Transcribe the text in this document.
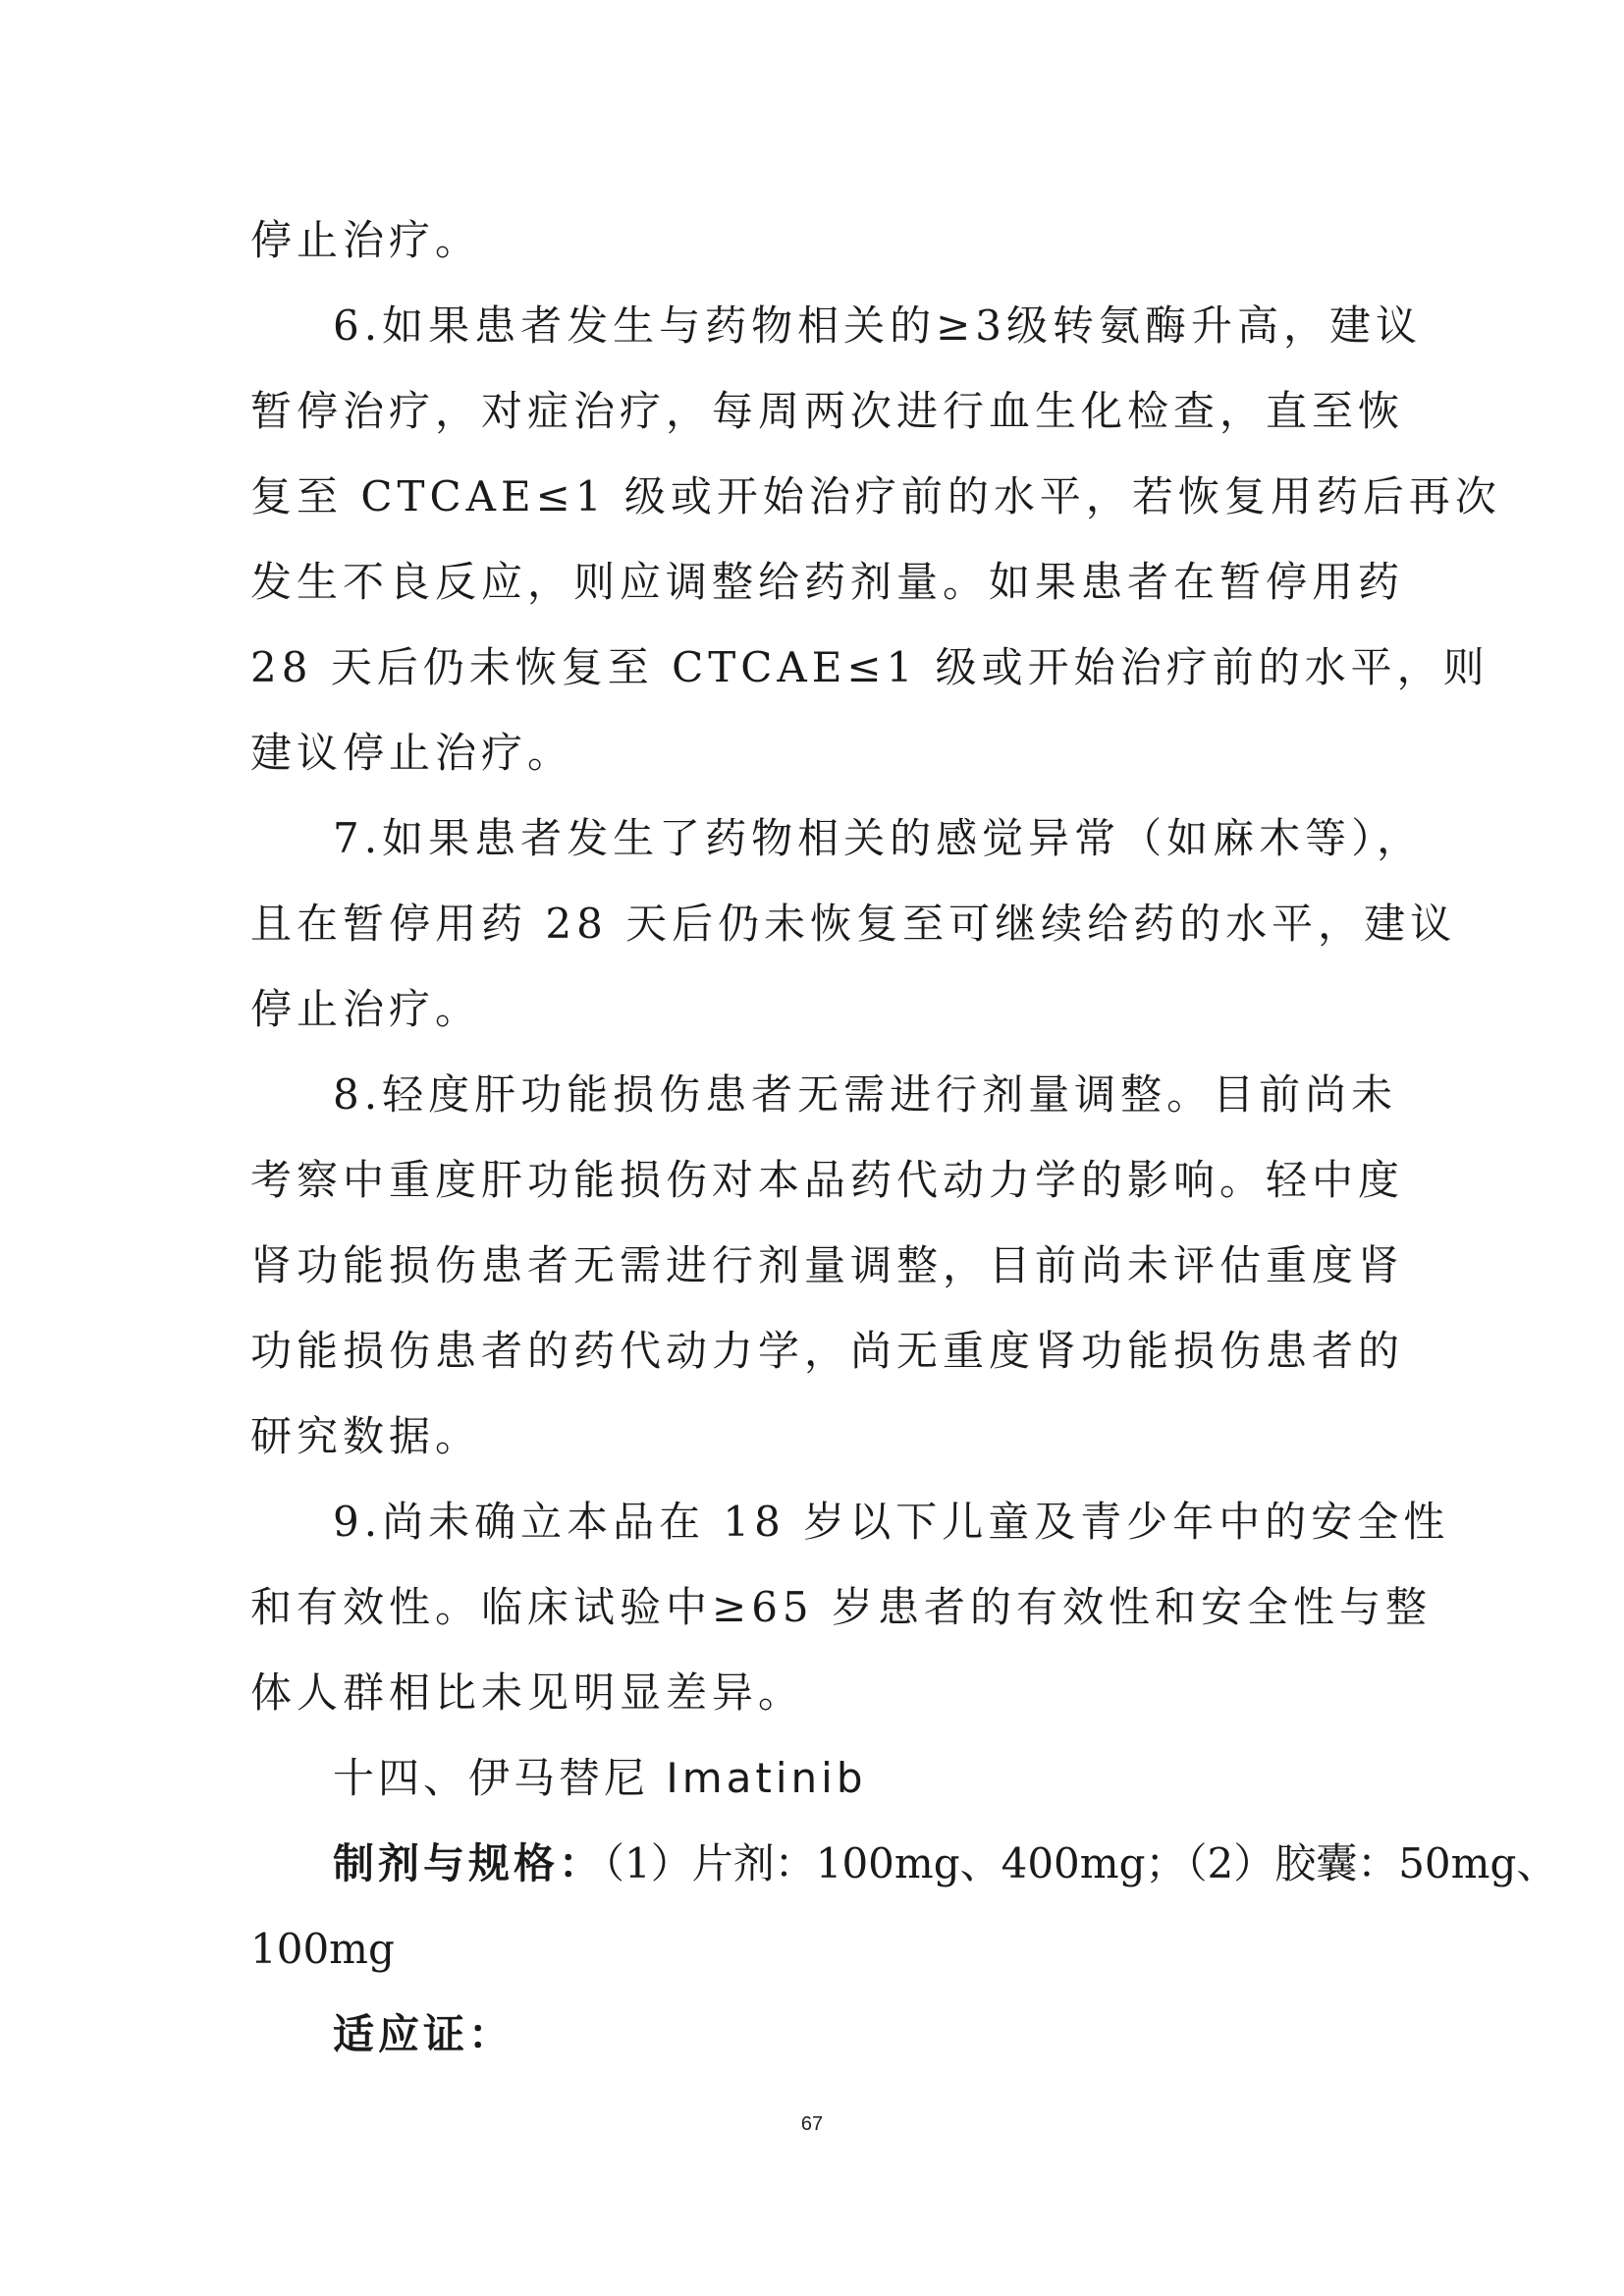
停止治疗。
6.如果患者发生与药物相关的≥3级转氨酶升高，建议
暂停治疗，对症治疗，每周两次进行血生化检查，直至恢
复至 CTCAE≤1 级或开始治疗前的水平，若恢复用药后再次
发生不良反应，则应调整给药剂量。如果患者在暂停用药
28 天后仍未恢复至 CTCAE≤1 级或开始治疗前的水平，则
建议停止治疗。
7.如果患者发生了药物相关的感觉异常（如麻木等），
且在暂停用药 28 天后仍未恢复至可继续给药的水平，建议
停止治疗。
8.轻度肝功能损伤患者无需进行剂量调整。目前尚未
考察中重度肝功能损伤对本品药代动力学的影响。轻中度
肾功能损伤患者无需进行剂量调整，目前尚未评估重度肾
功能损伤患者的药代动力学，尚无重度肾功能损伤患者的
研究数据。
9.尚未确立本品在 18 岁以下儿童及青少年中的安全性
和有效性。临床试验中≥65 岁患者的有效性和安全性与整
体人群相比未见明显差异。
十四、伊马替尼 Imatinib
制剂与规格：（1）片剂：100mg、400mg；（2）胶囊：50mg、
100mg
适应证：
67
